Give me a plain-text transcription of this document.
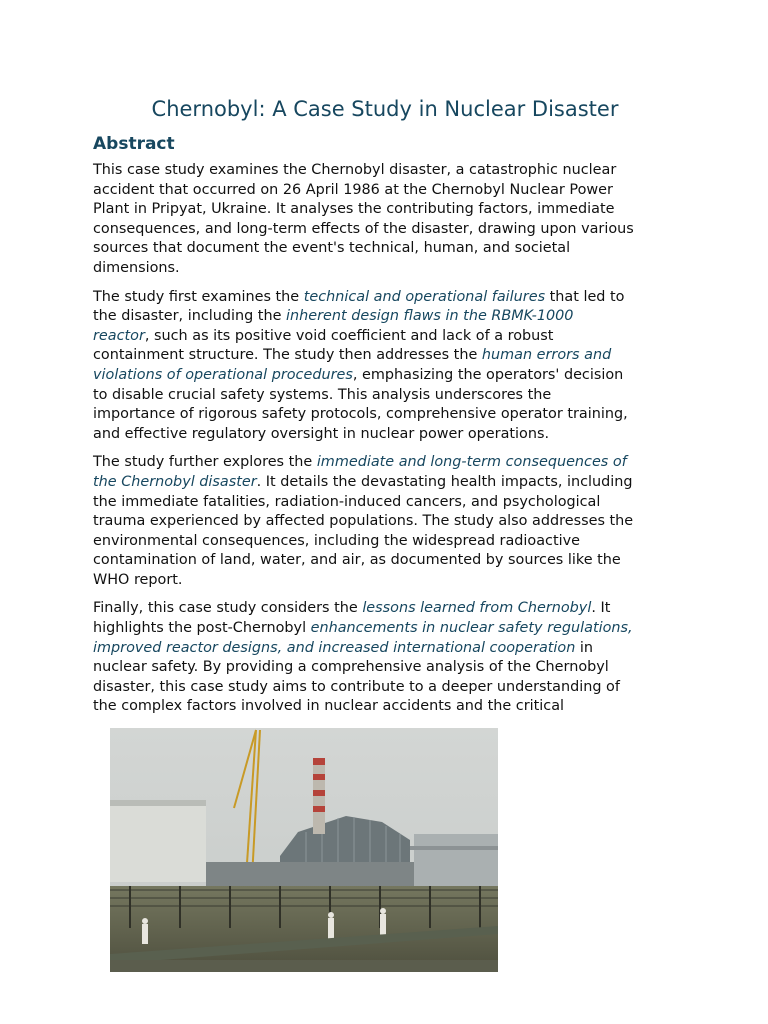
Chernobyl: A Case Study in Nuclear Disaster
Abstract

This case study examines the Chernobyl disaster, a catastrophic nuclear
accident that occurred on 26 April 1986 at the Chernobyl Nuclear Power
Plant in Pripyat, Ukraine. It analyses the contributing factors, immediate
consequences, and long-term effects of the disaster, drawing upon various
sources that document the event's technical, human, and societal
dimensions.

The study first examines the technical and operational failures that led to
the disaster, including the inherent design flaws in the RBMK-1000
reactor, such as its positive void coefficient and lack of a robust
containment structure. The study then addresses the human errors and
violations of operational procedures, emphasizing the operators' decision
to disable crucial safety systems. This analysis underscores the
importance of rigorous safety protocols, comprehensive operator training,
and effective regulatory oversight in nuclear power operations.

The study further explores the immediate and long-term consequences of
the Chernobyl disaster. It details the devastating health impacts, including
the immediate fatalities, radiation-induced cancers, and psychological
trauma experienced by affected populations. The study also addresses the
environmental consequences, including the widespread radioactive
contamination of land, water, and air, as documented by sources like the
WHO report.

Finally, this case study considers the lessons learned from Chernobyl. It
highlights the post-Chernobyl enhancements in nuclear safety regulations,
improved reactor designs, and increased international cooperation in
nuclear safety. By providing a comprehensive analysis of the Chernobyl
disaster, this case study aims to contribute to a deeper understanding of
the complex factors involved in nuclear accidents and the critical
